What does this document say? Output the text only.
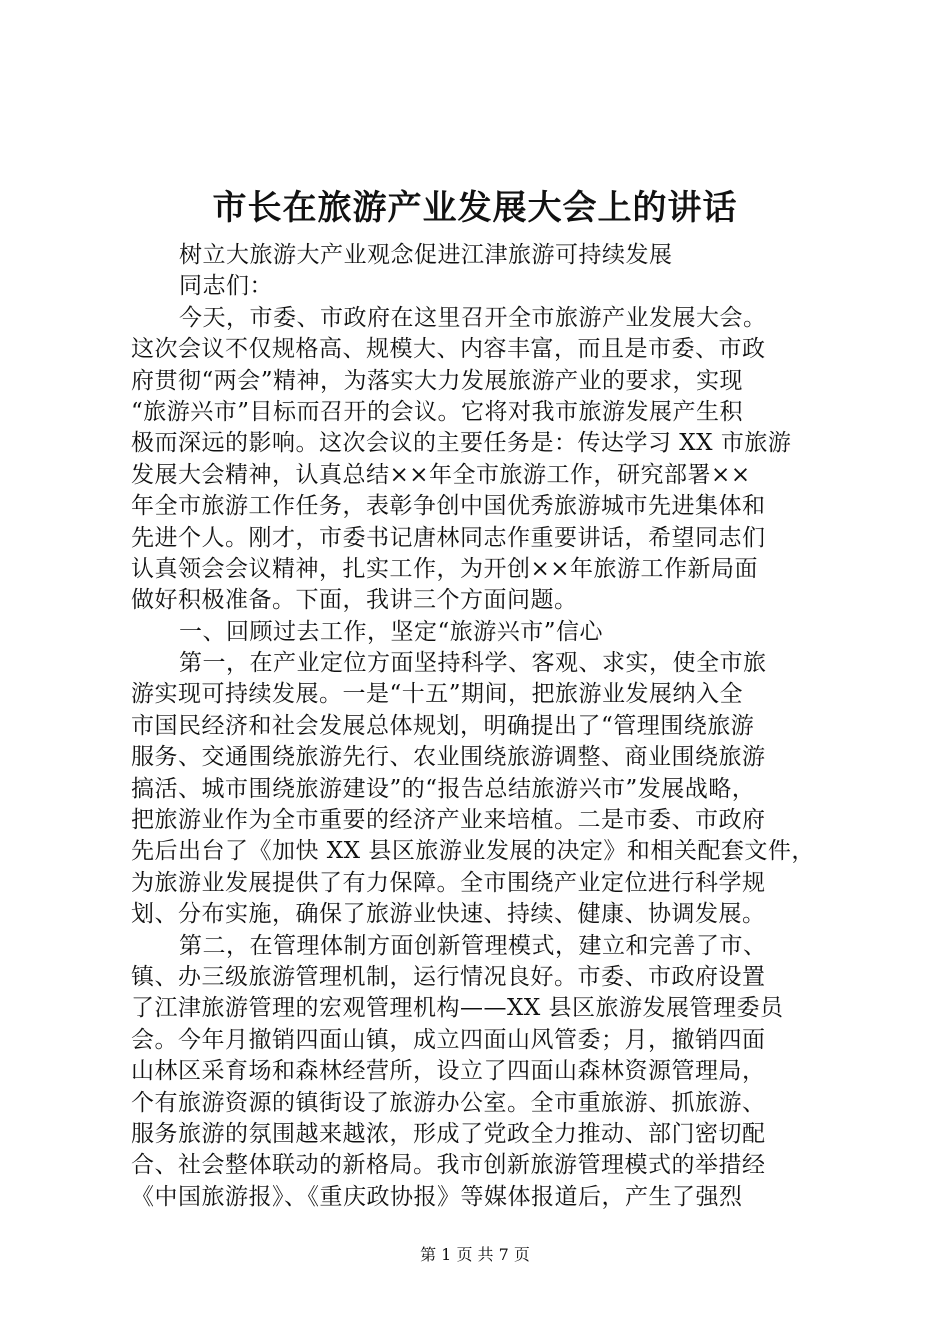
市长在旅游产业发展大会上的讲话
树立大旅游大产业观念促进江津旅游可持续发展
同志们：
今天，市委、市政府在这里召开全市旅游产业发展大会。
这次会议不仅规格高、规模大、内容丰富，而且是市委、市政
府贯彻“两会”精神，为落实大力发展旅游产业的要求，实现
“旅游兴市”目标而召开的会议。它将对我市旅游发展产生积
极而深远的影响。这次会议的主要任务是：传达学习 XX 市旅游
发展大会精神，认真总结××年全市旅游工作，研究部署××
年全市旅游工作任务，表彰争创中国优秀旅游城市先进集体和
先进个人。刚才，市委书记唐林同志作重要讲话，希望同志们
认真领会会议精神，扎实工作，为开创××年旅游工作新局面
做好积极准备。下面，我讲三个方面问题。
一、回顾过去工作，坚定“旅游兴市”信心
第一，在产业定位方面坚持科学、客观、求实，使全市旅
游实现可持续发展。一是“十五”期间，把旅游业发展纳入全
市国民经济和社会发展总体规划，明确提出了“管理围绕旅游
服务、交通围绕旅游先行、农业围绕旅游调整、商业围绕旅游
搞活、城市围绕旅游建设”的“报告总结旅游兴市”发展战略，
把旅游业作为全市重要的经济产业来培植。二是市委、市政府
先后出台了《加快 XX 县区旅游业发展的决定》和相关配套文件，
为旅游业发展提供了有力保障。全市围绕产业定位进行科学规
划、分布实施，确保了旅游业快速、持续、健康、协调发展。
第二，在管理体制方面创新管理模式，建立和完善了市、
镇、办三级旅游管理机制，运行情况良好。市委、市政府设置
了江津旅游管理的宏观管理机构——XX 县区旅游发展管理委员
会。今年月撤销四面山镇，成立四面山风管委；月，撤销四面
山林区采育场和森林经营所，设立了四面山森林资源管理局，
个有旅游资源的镇街设了旅游办公室。全市重旅游、抓旅游、
服务旅游的氛围越来越浓，形成了党政全力推动、部门密切配
合、社会整体联动的新格局。我市创新旅游管理模式的举措经
《中国旅游报》、《重庆政协报》等媒体报道后，产生了强烈
第 1 页 共 7 页
